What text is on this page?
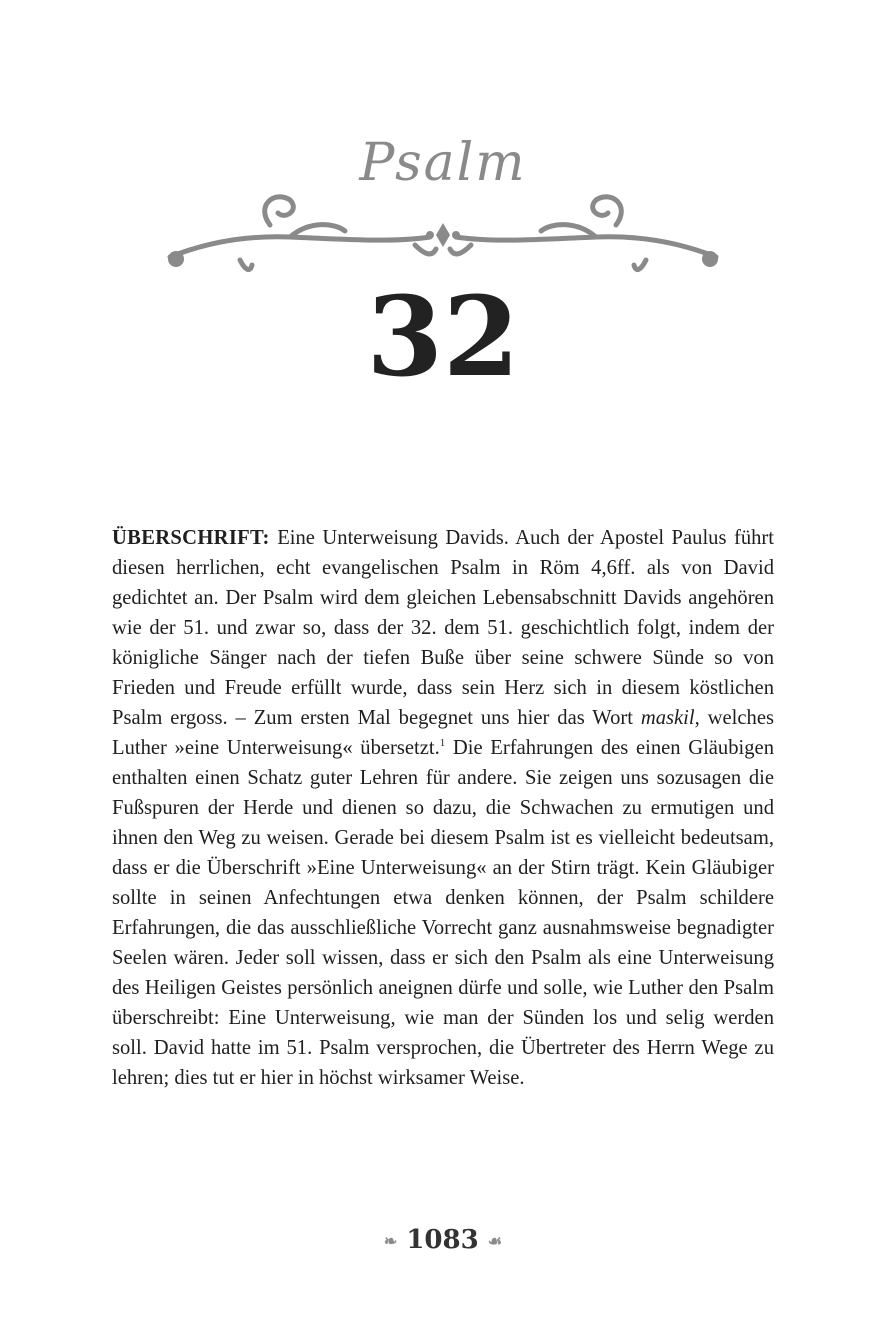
Psalm
32
ÜBERSCHRIFT: Eine Unterweisung Davids. Auch der Apostel Paulus führt diesen herrlichen, echt evangelischen Psalm in Röm 4,6ff. als von David gedichtet an. Der Psalm wird dem gleichen Lebensabschnitt Davids angehören wie der 51. und zwar so, dass der 32. dem 51. geschichtlich folgt, indem der königliche Sänger nach der tiefen Buße über seine schwere Sünde so von Frieden und Freude erfüllt wurde, dass sein Herz sich in diesem köstlichen Psalm ergoss. – Zum ersten Mal begegnet uns hier das Wort maskil, welches Luther »eine Unterweisung« übersetzt.$^1$ Die Erfahrungen des einen Gläubigen enthalten einen Schatz guter Lehren für andere. Sie zeigen uns sozusagen die Fußspuren der Herde und dienen so dazu, die Schwachen zu ermutigen und ihnen den Weg zu weisen. Gerade bei diesem Psalm ist es vielleicht bedeutsam, dass er die Überschrift »Eine Unterweisung« an der Stirn trägt. Kein Gläubiger sollte in seinen Anfechtungen etwa denken können, der Psalm schildere Erfahrungen, die das ausschließliche Vorrecht ganz ausnahmsweise begnadigter Seelen wären. Jeder soll wissen, dass er sich den Psalm als eine Unterweisung des Heiligen Geistes persönlich aneignen dürfe und solle, wie Luther den Psalm überschreibt: Eine Unterweisung, wie man der Sünden los und selig werden soll. David hatte im 51. Psalm versprochen, die Übertreter des Herrn Wege zu lehren; dies tut er hier in höchst wirksamer Weise.
❧ 1083 ☙
